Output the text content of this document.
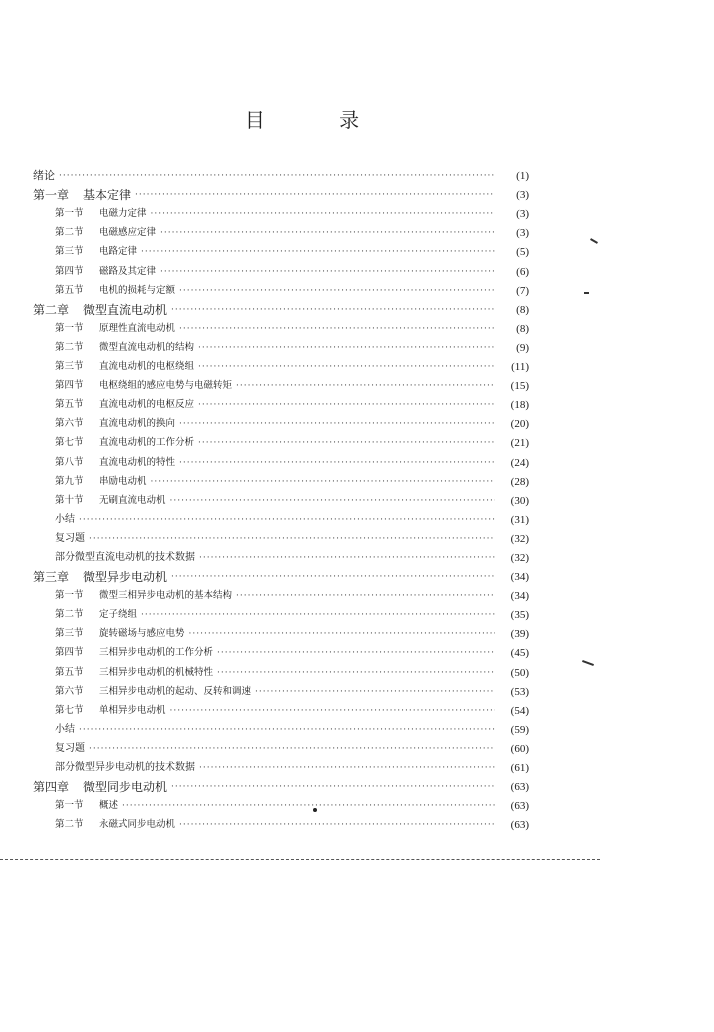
目 录
绪论 ·····	(1)
第一章	基本定律 ·····	(3)
第一节	电磁力定律 ·····	(3)
第二节	电磁感应定律 ·····	(3)
第三节	电路定律 ·····	(5)
第四节	磁路及其定律 ·····	(6)
第五节	电机的损耗与定额 ·····	(7)
第二章	微型直流电动机 ·····	(8)
第一节	原理性直流电动机 ·····	(8)
第二节	微型直流电动机的结构 ·····	(9)
第三节	直流电动机的电枢绕组 ·····	(11)
第四节	电枢绕组的感应电势与电磁转矩 ·····	(15)
第五节	直流电动机的电枢反应 ·····	(18)
第六节	直流电动机的换向 ·····	(20)
第七节	直流电动机的工作分析 ·····	(21)
第八节	直流电动机的特性 ·····	(24)
第九节	串励电动机 ·····	(28)
第十节	无刷直流电动机 ·····	(30)
小结 ·····	(31)
复习题 ·····	(32)
部分微型直流电动机的技术数据 ·····	(32)
第三章	微型异步电动机 ·····	(34)
第一节	微型三相异步电动机的基本结构 ·····	(34)
第二节	定子绕组 ·····	(35)
第三节	旋转磁场与感应电势 ·····	(39)
第四节	三相异步电动机的工作分析 ·····	(45)
第五节	三相异步电动机的机械特性 ·····	(50)
第六节	三相异步电动机的起动、反转和调速 ·····	(53)
第七节	单相异步电动机 ·····	(54)
小结 ·····	(59)
复习题 ·····	(60)
部分微型异步电动机的技术数据 ·····	(61)
第四章	微型同步电动机 ·····	(63)
第一节	概述 ·····	(63)
第二节	永磁式同步电动机 ·····	(63)
